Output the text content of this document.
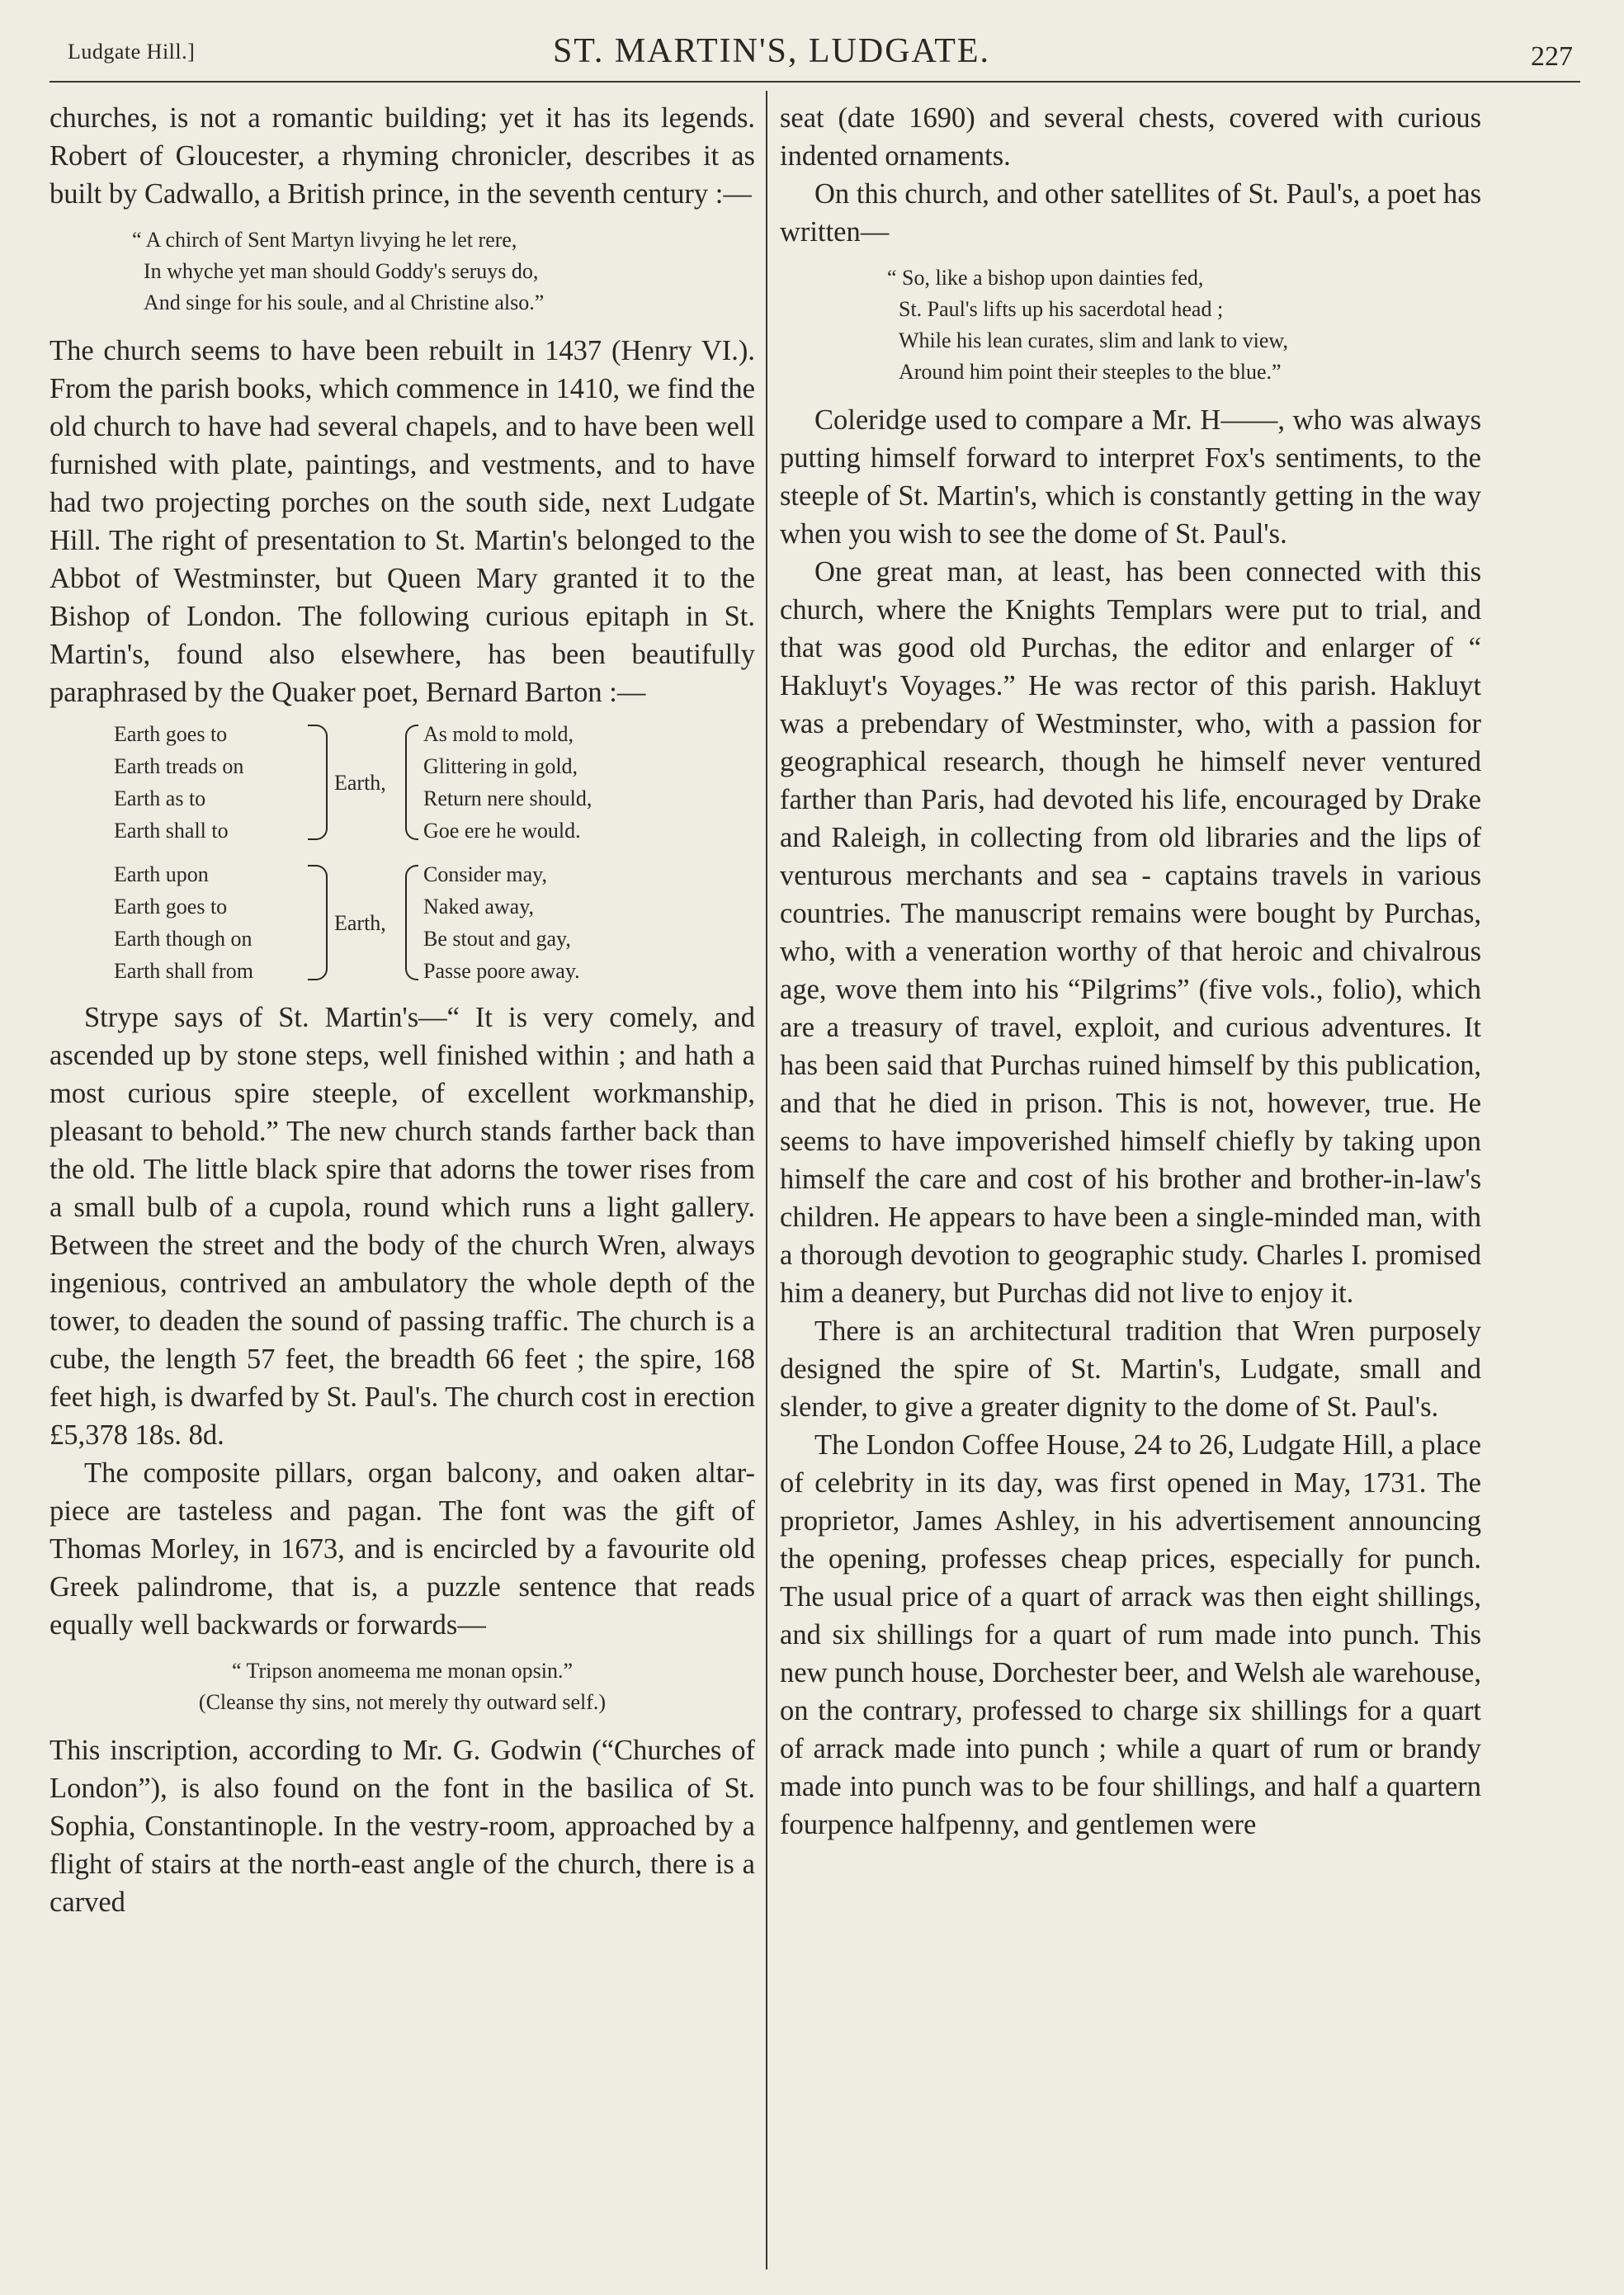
Ludgate Hill.]	ST. MARTIN'S, LUDGATE.	227

churches, is not a romantic building; yet it has its legends. Robert of Gloucester, a rhyming chronicler, describes it as built by Cadwallo, a British prince, in the seventh century :—

“ A chirch of Sent Martyn livying he let rere,
In whyche yet man should Goddy's seruys do,
And singe for his soule, and al Christine also.”

The church seems to have been rebuilt in 1437 (Henry VI.). From the parish books, which commence in 1410, we find the old church to have had several chapels, and to have been well furnished with plate, paintings, and vestments, and to have had two projecting porches on the south side, next Ludgate Hill. The right of presentation to St. Martin's belonged to the Abbot of Westminster, but Queen Mary granted it to the Bishop of London. The following curious epitaph in St. Martin's, found also elsewhere, has been beautifully paraphrased by the Quaker poet, Bernard Barton :—

Earth goes to
Earth treads on
Earth as to
Earth shall to
Earth,
As mold to mold,
Glittering in gold,
Return nere should,
Goe ere he would.
Earth upon
Earth goes to
Earth though on
Earth shall from
Earth,
Consider may,
Naked away,
Be stout and gay,
Passe poore away.

Strype says of St. Martin's—“ It is very comely, and ascended up by stone steps, well finished within ; and hath a most curious spire steeple, of excellent workmanship, pleasant to behold.” The new church stands farther back than the old. The little black spire that adorns the tower rises from a small bulb of a cupola, round which runs a light gallery. Between the street and the body of the church Wren, always ingenious, contrived an ambulatory the whole depth of the tower, to deaden the sound of passing traffic. The church is a cube, the length 57 feet, the breadth 66 feet ; the spire, 168 feet high, is dwarfed by St. Paul's. The church cost in erection £5,378 18s. 8d.

The composite pillars, organ balcony, and oaken altar-piece are tasteless and pagan. The font was the gift of Thomas Morley, in 1673, and is encircled by a favourite old Greek palindrome, that is, a puzzle sentence that reads equally well backwards or forwards—

“ Tripson anomeema me monan opsin.”
(Cleanse thy sins, not merely thy outward self.)

This inscription, according to Mr. G. Godwin (“Churches of London”), is also found on the font in the basilica of St. Sophia, Constantinople. In the vestry-room, approached by a flight of stairs at the north-east angle of the church, there is a carved

seat (date 1690) and several chests, covered with curious indented ornaments.

On this church, and other satellites of St. Paul's, a poet has written—

“ So, like a bishop upon dainties fed,
St. Paul's lifts up his sacerdotal head ;
While his lean curates, slim and lank to view,
Around him point their steeples to the blue.”

Coleridge used to compare a Mr. H——, who was always putting himself forward to interpret Fox's sentiments, to the steeple of St. Martin's, which is constantly getting in the way when you wish to see the dome of St. Paul's.

One great man, at least, has been connected with this church, where the Knights Templars were put to trial, and that was good old Purchas, the editor and enlarger of “ Hakluyt's Voyages.” He was rector of this parish. Hakluyt was a prebendary of Westminster, who, with a passion for geographical research, though he himself never ventured farther than Paris, had devoted his life, encouraged by Drake and Raleigh, in collecting from old libraries and the lips of venturous merchants and sea - captains travels in various countries. The manuscript remains were bought by Purchas, who, with a veneration worthy of that heroic and chivalrous age, wove them into his “Pilgrims” (five vols., folio), which are a treasury of travel, exploit, and curious adventures. It has been said that Purchas ruined himself by this publication, and that he died in prison. This is not, however, true. He seems to have impoverished himself chiefly by taking upon himself the care and cost of his brother and brother-in-law's children. He appears to have been a single-minded man, with a thorough devotion to geographic study. Charles I. promised him a deanery, but Purchas did not live to enjoy it.

There is an architectural tradition that Wren purposely designed the spire of St. Martin's, Ludgate, small and slender, to give a greater dignity to the dome of St. Paul's.

The London Coffee House, 24 to 26, Ludgate Hill, a place of celebrity in its day, was first opened in May, 1731. The proprietor, James Ashley, in his advertisement announcing the opening, professes cheap prices, especially for punch. The usual price of a quart of arrack was then eight shillings, and six shillings for a quart of rum made into punch. This new punch house, Dorchester beer, and Welsh ale warehouse, on the contrary, professed to charge six shillings for a quart of arrack made into punch ; while a quart of rum or brandy made into punch was to be four shillings, and half a quartern fourpence halfpenny, and gentlemen were
